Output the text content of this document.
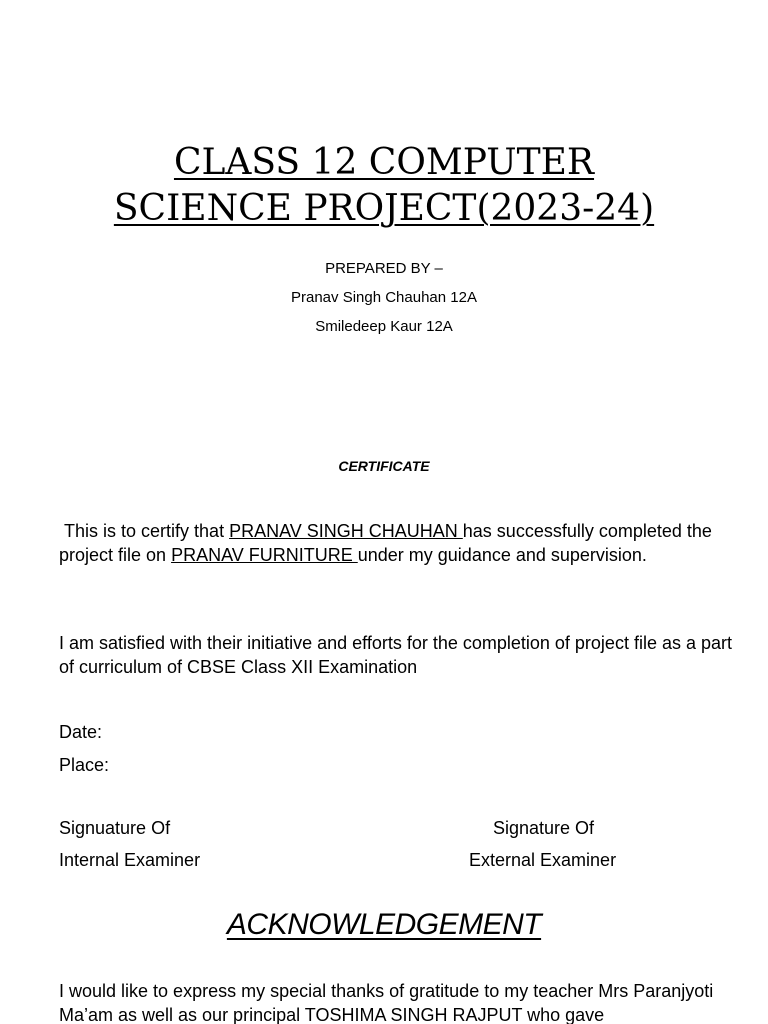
CLASS 12 COMPUTER
SCIENCE PROJECT(2023-24)
PREPARED BY –
Pranav Singh Chauhan 12A
Smiledeep Kaur 12A
CERTIFICATE
This is to certify that PRANAV SINGH CHAUHAN has successfully completed the project file on PRANAV FURNITURE under my guidance and supervision.
I am satisfied with their initiative and efforts for the completion of project file as a part of curriculum of CBSE Class XII Examination
Date:
Place:
Signuature Of
Internal Examiner
Signature Of
External Examiner
ACKNOWLEDGEMENT
I would like to express my special thanks of gratitude to my teacher Mrs Paranjyoti Ma’am as well as our principal TOSHIMA SINGH RAJPUT who gave
